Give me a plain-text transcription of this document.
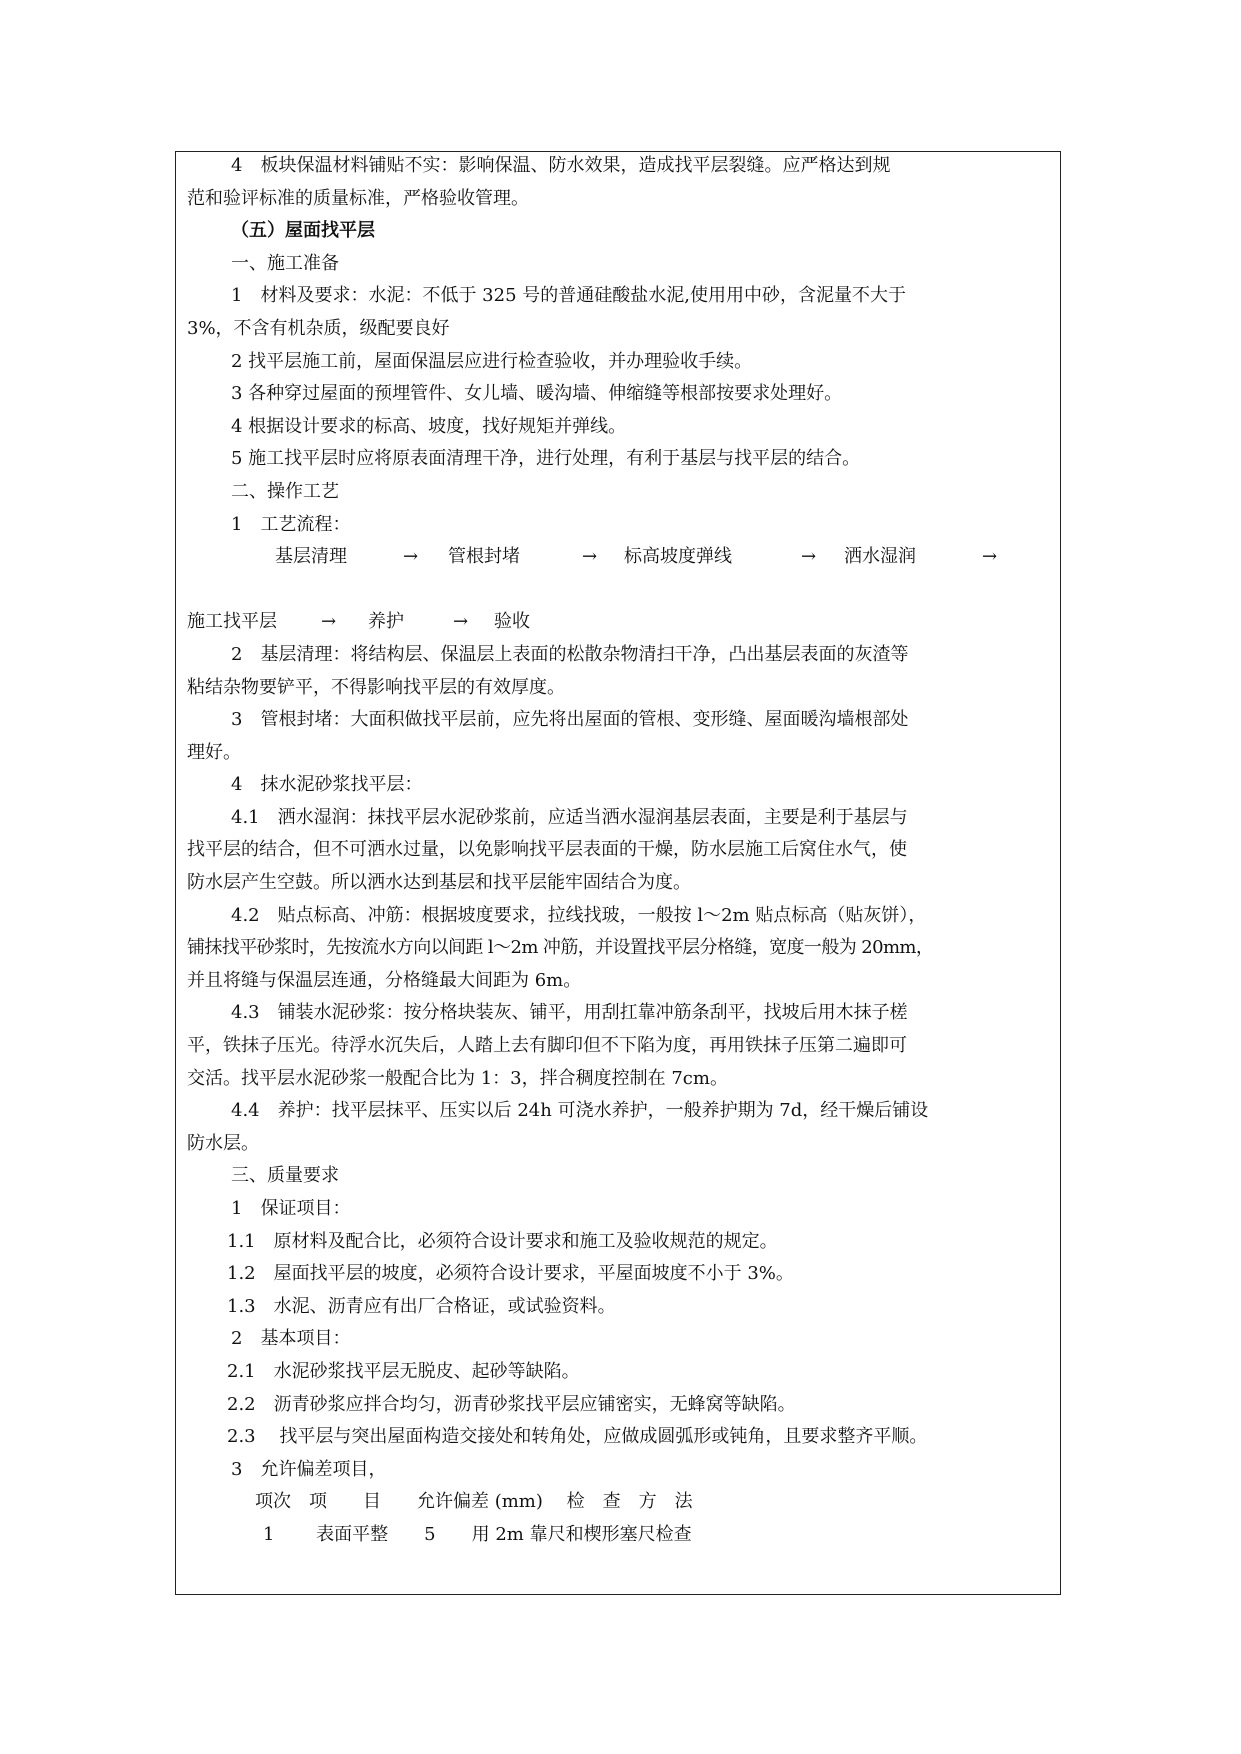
4　板块保温材料铺贴不实：影响保温、防水效果，造成找平层裂缝。应严格达到规
范和验评标准的质量标准，严格验收管理。
（五）屋面找平层
一、施工准备
1　材料及要求：水泥：不低于 325 号的普通硅酸盐水泥,使用用中砂，含泥量不大于
3%，不含有机杂质，级配要良好
2 找平层施工前，屋面保温层应进行检查验收，并办理验收手续。
3 各种穿过屋面的预埋管件、女儿墙、暖沟墙、伸缩缝等根部按要求处理好。
4 根据设计要求的标高、坡度，找好规矩并弹线。
5 施工找平层时应将原表面清理干净，进行处理，有利于基层与找平层的结合。
二、操作工艺
1　工艺流程：
基层清理	→ 管根封堵	→ 标高坡度弹线	→ 洒水湿润	→
施工找平层 → 养护	→ 验收
2　基层清理：将结构层、保温层上表面的松散杂物清扫干净，凸出基层表面的灰渣等
粘结杂物要铲平，不得影响找平层的有效厚度。
3　管根封堵：大面积做找平层前，应先将出屋面的管根、变形缝、屋面暖沟墙根部处
理好。
4　抹水泥砂浆找平层：
4.1　洒水湿润：抹找平层水泥砂浆前，应适当洒水湿润基层表面，主要是利于基层与
找平层的结合，但不可洒水过量，以免影响找平层表面的干燥，防水层施工后窝住水气，使
防水层产生空鼓。所以洒水达到基层和找平层能牢固结合为度。
4.2　贴点标高、冲筋：根据坡度要求，拉线找玻，一般按 l～2m 贴点标高（贴灰饼），
铺抹找平砂浆时，先按流水方向以间距 l～2m 冲筋，并设置找平层分格缝，宽度一般为 20mm，
并且将缝与保温层连通，分格缝最大间距为 6m。
4.3　铺装水泥砂浆：按分格块装灰、铺平，用刮扛靠冲筋条刮平，找坡后用木抹子槎
平，铁抹子压光。待浮水沉失后，人踏上去有脚印但不下陷为度，再用铁抹子压第二遍即可
交活。找平层水泥砂浆一般配合比为 1：3，拌合稠度控制在 7cm。
4.4　养护：找平层抹平、压实以后 24h 可浇水养护，一般养护期为 7d，经干燥后铺设
防水层。
三、质量要求
1　保证项目：
1.1　原材料及配合比，必须符合设计要求和施工及验收规范的规定。
1.2　屋面找平层的坡度，必须符合设计要求，平屋面坡度不小于 3%。
1.3　水泥、沥青应有出厂合格证，或试验资料。
2　基本项目：
2.1　水泥砂浆找平层无脱皮、起砂等缺陷。
2.2　沥青砂浆应拌合均匀，沥青砂浆找平层应铺密实，无蜂窝等缺陷。
2.3　 找平层与突出屋面构造交接处和转角处，应做成圆弧形或钝角，且要求整齐平顺。
3　允许偏差项目，
项次　项　　目　　允许偏差 (mm)　 检　查　方　法
1　　 表面平整　　5　　用 2m 靠尺和楔形塞尺检查
